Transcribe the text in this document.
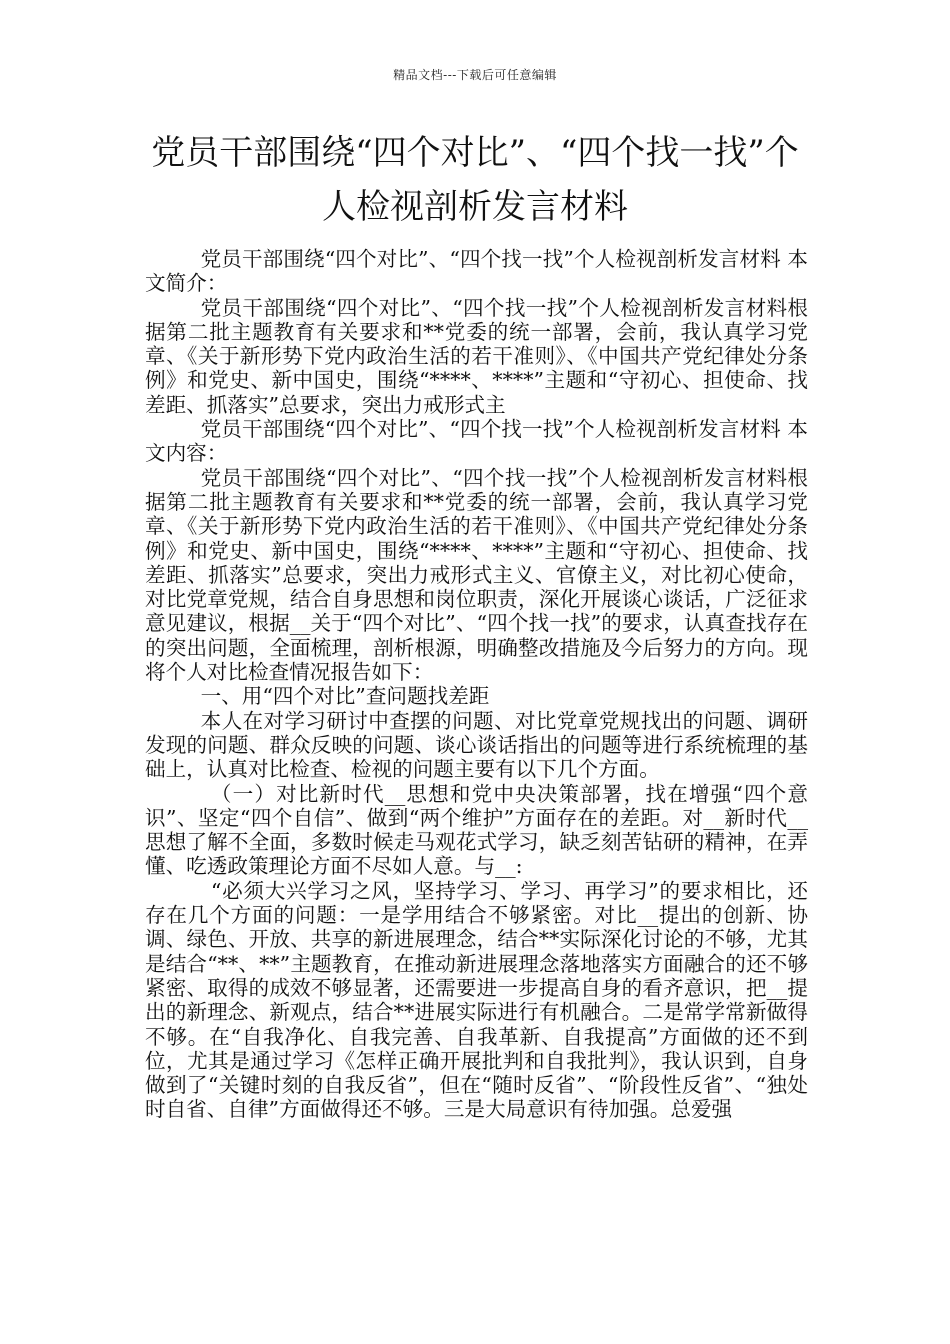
精品文档---下载后可任意编辑
党员干部围绕“四个对比”、“四个找一找”个人检视剖析发言材料

党员干部围绕“四个对比”、“四个找一找”个人检视剖析发言材料 本文简介：

党员干部围绕“四个对比”、“四个找一找”个人检视剖析发言材料根据第二批主题教育有关要求和**党委的统一部署，会前，我认真学习党章、《关于新形势下党内政治生活的若干准则》、《中国共产党纪律处分条例》和党史、新中国史，围绕“****、****”主题和“守初心、担使命、找差距、抓落实”总要求，突出力戒形式主

党员干部围绕“四个对比”、“四个找一找”个人检视剖析发言材料 本文内容：

党员干部围绕“四个对比”、“四个找一找”个人检视剖析发言材料根据第二批主题教育有关要求和**党委的统一部署，会前，我认真学习党章、《关于新形势下党内政治生活的若干准则》、《中国共产党纪律处分条例》和党史、新中国史，围绕“****、****”主题和“守初心、担使命、找差距、抓落实”总要求，突出力戒形式主义、官僚主义，对比初心使命，对比党章党规，结合自身思想和岗位职责，深化开展谈心谈话，广泛征求意见建议，根据__关于“四个对比”、“四个找一找”的要求，认真查找存在的突出问题，全面梳理，剖析根源，明确整改措施及今后努力的方向。现将个人对比检查情况报告如下：

一、用“四个对比”查问题找差距

本人在对学习研讨中查摆的问题、对比党章党规找出的问题、调研发现的问题、群众反映的问题、谈心谈话指出的问题等进行系统梳理的基础上，认真对比检查、检视的问题主要有以下几个方面。

（一）对比新时代__思想和党中央决策部署，找在增强“四个意识”、坚定“四个自信”、做到“两个维护”方面存在的差距。对__新时代__思想了解不全面，多数时候走马观花式学习，缺乏刻苦钻研的精神，在弄懂、吃透政策理论方面不尽如人意。与__:

“必须大兴学习之风，坚持学习、学习、再学习”的要求相比，还存在几个方面的问题：一是学用结合不够紧密。对比__提出的创新、协调、绿色、开放、共享的新进展理念，结合**实际深化讨论的不够，尤其是结合“**、**”主题教育，在推动新进展理念落地落实方面融合的还不够紧密、取得的成效不够显著，还需要进一步提高自身的看齐意识，把__提出的新理念、新观点，结合**进展实际进行有机融合。二是常学常新做得不够。在“自我净化、自我完善、自我革新、自我提高”方面做的还不到位，尤其是通过学习《怎样正确开展批判和自我批判》，我认识到，自身做到了“关键时刻的自我反省”，但在“随时反省”、“阶段性反省”、“独处时自省、自律”方面做得还不够。三是大局意识有待加强。总爱强
